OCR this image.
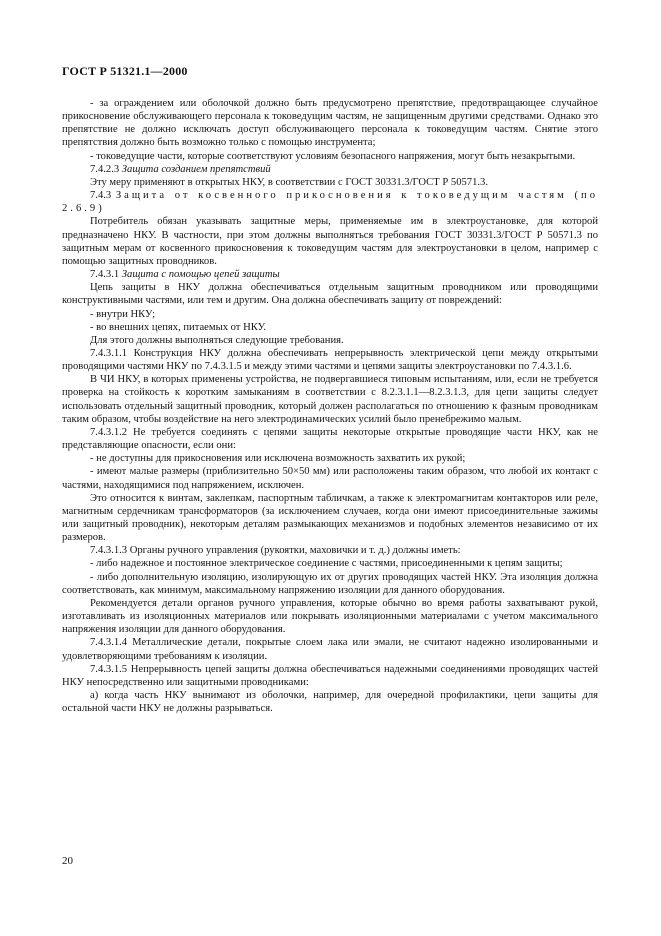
ГОСТ Р 51321.1—2000

- за ограждением или оболочкой должно быть предусмотрено препятствие, предотвращающее случайное прикосновение обслуживающего персонала к токоведущим частям, не защищенным другими средствами. Однако это препятствие не должно исключать доступ обслуживающего персонала к токоведущим частям. Снятие этого препятствия должно быть возможно только с помощью инструмента;

- токоведущие части, которые соответствуют условиям безопасного напряжения, могут быть незакрытыми.

7.4.2.3 Защита созданием препятствий

Эту меру применяют в открытых НКУ, в соответствии с ГОСТ 30331.3/ГОСТ Р 50571.3.

7.4.3 Защита от косвенного прикосновения к токоведущим частям (по 2.6.9)

Потребитель обязан указывать защитные меры, применяемые им в электроустановке, для которой предназначено НКУ. В частности, при этом должны выполняться требования ГОСТ 30331.3/ГОСТ Р 50571.3 по защитным мерам от косвенного прикосновения к токоведущим частям для электроустановки в целом, например с помощью защитных проводников.

7.4.3.1 Защита с помощью цепей защиты

Цепь защиты в НКУ должна обеспечиваться отдельным защитным проводником или проводящими конструктивными частями, или тем и другим. Она должна обеспечивать защиту от повреждений:

- внутри НКУ;

- во внешних цепях, питаемых от НКУ.

Для этого должны выполняться следующие требования.

7.4.3.1.1 Конструкция НКУ должна обеспечивать непрерывность электрической цепи между открытыми проводящими частями НКУ по 7.4.3.1.5 и между этими частями и цепями защиты электроустановки по 7.4.3.1.6.

В ЧИ НКУ, в которых применены устройства, не подвергавшиеся типовым испытаниям, или, если не требуется проверка на стойкость к коротким замыканиям в соответствии с 8.2.3.1.1—8.2.3.1.3, для цепи защиты следует использовать отдельный защитный проводник, который должен располагаться по отношению к фазным проводникам таким образом, чтобы воздействие на него электродинамических усилий было пренебрежимо малым.

7.4.3.1.2 Не требуется соединять с цепями защиты некоторые открытые проводящие части НКУ, как не представляющие опасности, если они:

- не доступны для прикосновения или исключена возможность захватить их рукой;

- имеют малые размеры (приблизительно 50×50 мм) или расположены таким образом, что любой их контакт с частями, находящимися под напряжением, исключен.

Это относится к винтам, заклепкам, паспортным табличкам, а также к электромагнитам контакторов или реле, магнитным сердечникам трансформаторов (за исключением случаев, когда они имеют присоединительные зажимы или защитный проводник), некоторым деталям размыкающих механизмов и подобных элементов независимо от их размеров.

7.4.3.1.3 Органы ручного управления (рукоятки, маховички и т. д.) должны иметь:

- либо надежное и постоянное электрическое соединение с частями, присоединенными к цепям защиты;

- либо дополнительную изоляцию, изолирующую их от других проводящих частей НКУ. Эта изоляция должна соответствовать, как минимум, максимальному напряжению изоляции для данного оборудования.

Рекомендуется детали органов ручного управления, которые обычно во время работы захватывают рукой, изготавливать из изоляционных материалов или покрывать изоляционными материалами с учетом максимального напряжения изоляции для данного оборудования.

7.4.3.1.4 Металлические детали, покрытые слоем лака или эмали, не считают надежно изолированными и удовлетворяющими требованиям к изоляции.

7.4.3.1.5 Непрерывность цепей защиты должна обеспечиваться надежными соединениями проводящих частей НКУ непосредственно или защитными проводниками:

а) когда часть НКУ вынимают из оболочки, например, для очередной профилактики, цепи защиты для остальной части НКУ не должны разрываться.

20
